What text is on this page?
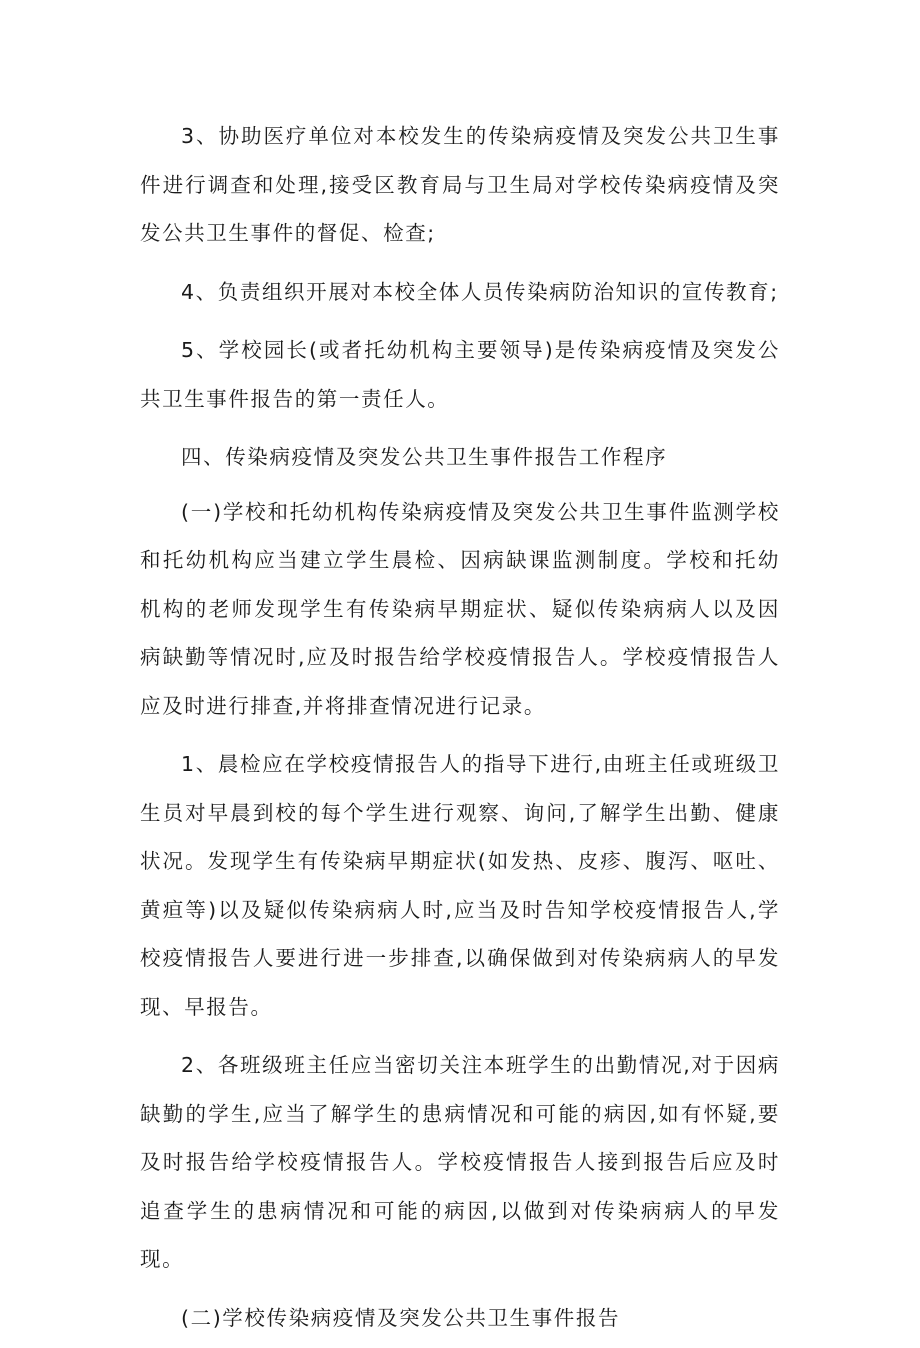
3、协助医疗单位对本校发生的传染病疫情及突发公共卫生事件进行调查和处理,接受区教育局与卫生局对学校传染病疫情及突发公共卫生事件的督促、检查;

4、负责组织开展对本校全体人员传染病防治知识的宣传教育;

5、学校园长(或者托幼机构主要领导)是传染病疫情及突发公共卫生事件报告的第一责任人。

四、传染病疫情及突发公共卫生事件报告工作程序

(一)学校和托幼机构传染病疫情及突发公共卫生事件监测学校和托幼机构应当建立学生晨检、因病缺课监测制度。学校和托幼机构的老师发现学生有传染病早期症状、疑似传染病病人以及因病缺勤等情况时,应及时报告给学校疫情报告人。学校疫情报告人应及时进行排查,并将排查情况进行记录。

1、晨检应在学校疫情报告人的指导下进行,由班主任或班级卫生员对早晨到校的每个学生进行观察、询问,了解学生出勤、健康状况。发现学生有传染病早期症状(如发热、皮疹、腹泻、呕吐、黄疸等)以及疑似传染病病人时,应当及时告知学校疫情报告人,学校疫情报告人要进行进一步排查,以确保做到对传染病病人的早发现、早报告。

2、各班级班主任应当密切关注本班学生的出勤情况,对于因病缺勤的学生,应当了解学生的患病情况和可能的病因,如有怀疑,要及时报告给学校疫情报告人。学校疫情报告人接到报告后应及时追查学生的患病情况和可能的病因,以做到对传染病病人的早发现。

(二)学校传染病疫情及突发公共卫生事件报告
